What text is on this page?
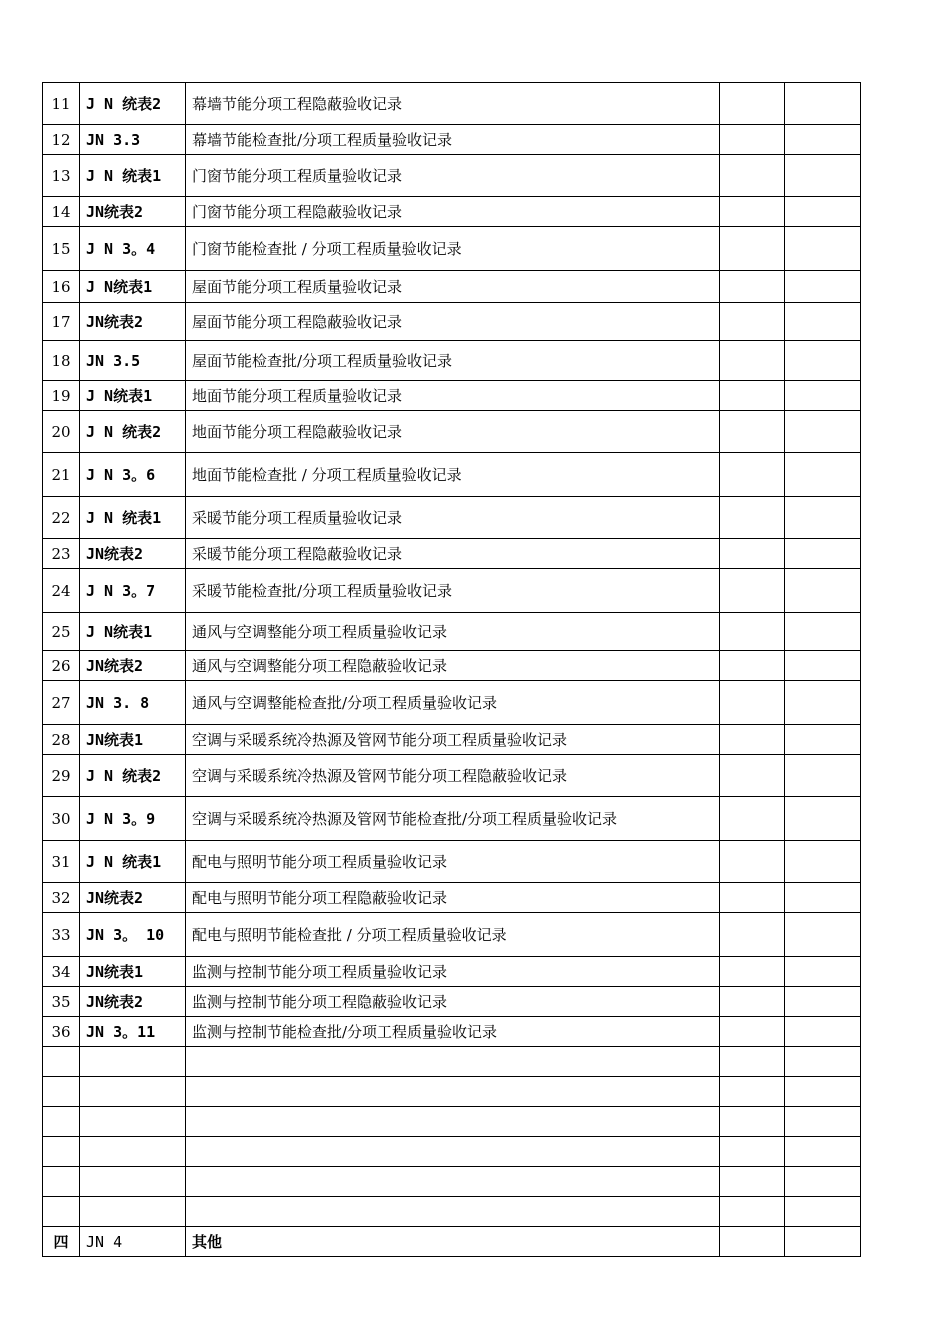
11	J N 统表2	幕墙节能分项工程隐蔽验收记录		
12	JN 3.3	幕墙节能检查批/分项工程质量验收记录		
13	J N 统表1	门窗节能分项工程质量验收记录		
14	JN统表2	门窗节能分项工程隐蔽验收记录		
15	J N 3。4	门窗节能检查批 / 分项工程质量验收记录		
16	J N统表1	屋面节能分项工程质量验收记录		
17	JN统表2	屋面节能分项工程隐蔽验收记录		
18	JN 3.5	屋面节能检查批/分项工程质量验收记录		
19	J N统表1	地面节能分项工程质量验收记录		
20	J N 统表2	地面节能分项工程隐蔽验收记录		
21	J N 3。6	地面节能检查批 / 分项工程质量验收记录		
22	J N 统表1	采暖节能分项工程质量验收记录		
23	JN统表2	采暖节能分项工程隐蔽验收记录		
24	J N 3。7	采暖节能检查批/分项工程质量验收记录		
25	J N统表1	通风与空调整能分项工程质量验收记录		
26	JN统表2	通风与空调整能分项工程隐蔽验收记录		
27	JN 3. 8	通风与空调整能检查批/分项工程质量验收记录		
28	JN统表1	空调与采暖系统冷热源及管网节能分项工程质量验收记录		
29	J N 统表2	空调与采暖系统冷热源及管网节能分项工程隐蔽验收记录		
30	J N 3。9	空调与采暖系统冷热源及管网节能检查批/分项工程质量验收记录		
31	J N 统表1	配电与照明节能分项工程质量验收记录		
32	JN统表2	配电与照明节能分项工程隐蔽验收记录		
33	JN 3。 10	配电与照明节能检查批 / 分项工程质量验收记录		
34	JN统表1	监测与控制节能分项工程质量验收记录		
35	JN统表2	监测与控制节能分项工程隐蔽验收记录		
36	JN 3。11	监测与控制节能检查批/分项工程质量验收记录		

四	JN 4	其他		
